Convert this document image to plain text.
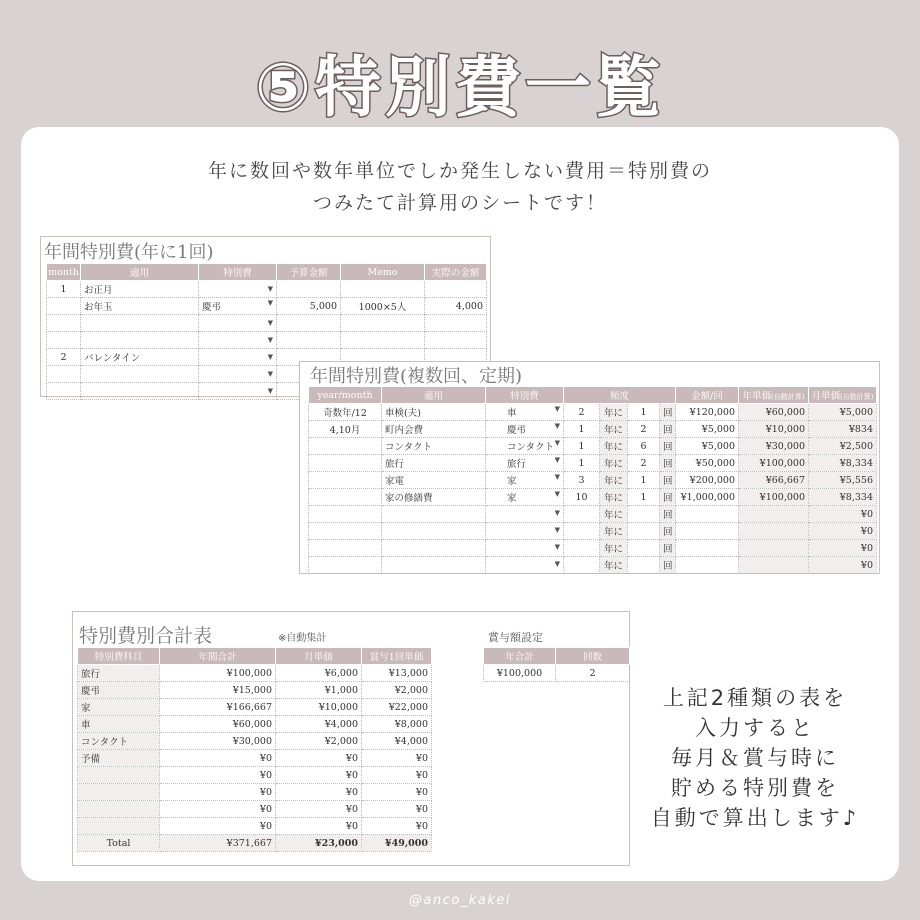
⑤特別費一覧
年に数回や数年単位でしか発生しない費用＝特別費の
つみたて計算用のシートです！
年間特別費(年に1回)
month	適用	特別費	予算金額	Memo	実際の金額
1	お正月	▼			

	お年玉	慶弔 ▼	5,000	1000×5人	4,000

		▼			

		▼			

2	バレンタイン	▼			

		▼			

		▼			

年間特別費(複数回、定期)
year/month	適用	特別費	頻度				金額/回	年単価(自動計算)	月単価(自動計算)
奇数年/12	車検(夫)	車 ▼	2	年に	1	回	¥120,000	¥60,000	¥5,000
4,10月	町内会費	慶弔 ▼	1	年に	2	回	¥5,000	¥10,000	¥834
	コンタクト	コンタクト ▼	1	年に	6	回	¥5,000	¥30,000	¥2,500
	旅行	旅行 ▼	1	年に	2	回	¥50,000	¥100,000	¥8,334
	家電	家 ▼	3	年に	1	回	¥200,000	¥66,667	¥5,556
	家の修繕費	家 ▼	10	年に	1	回	¥1,000,000	¥100,000	¥8,334

		▼		年に		回			¥0

		▼		年に		回			¥0

		▼		年に		回			¥0

		▼		年に		回			¥0
特別費別合計表	※自動集計
特別費科目	年間合計	月単価	賞与1回単価
旅行	¥100,000	¥6,000	¥13,000
慶弔	¥15,000	¥1,000	¥2,000
家	¥166,667	¥10,000	¥22,000
車	¥60,000	¥4,000	¥8,000
コンタクト	¥30,000	¥2,000	¥4,000
予備	¥0	¥0	¥0
	¥0	¥0	¥0
	¥0	¥0	¥0
	¥0	¥0	¥0
	¥0	¥0	¥0
Total	¥371,667	¥23,000	¥49,000
賞与額設定
年合計	回数
¥100,000	2
上記2種類の表を
入力すると
毎月＆賞与時に
貯める特別費を
自動で算出します♪
@anco_kakei
